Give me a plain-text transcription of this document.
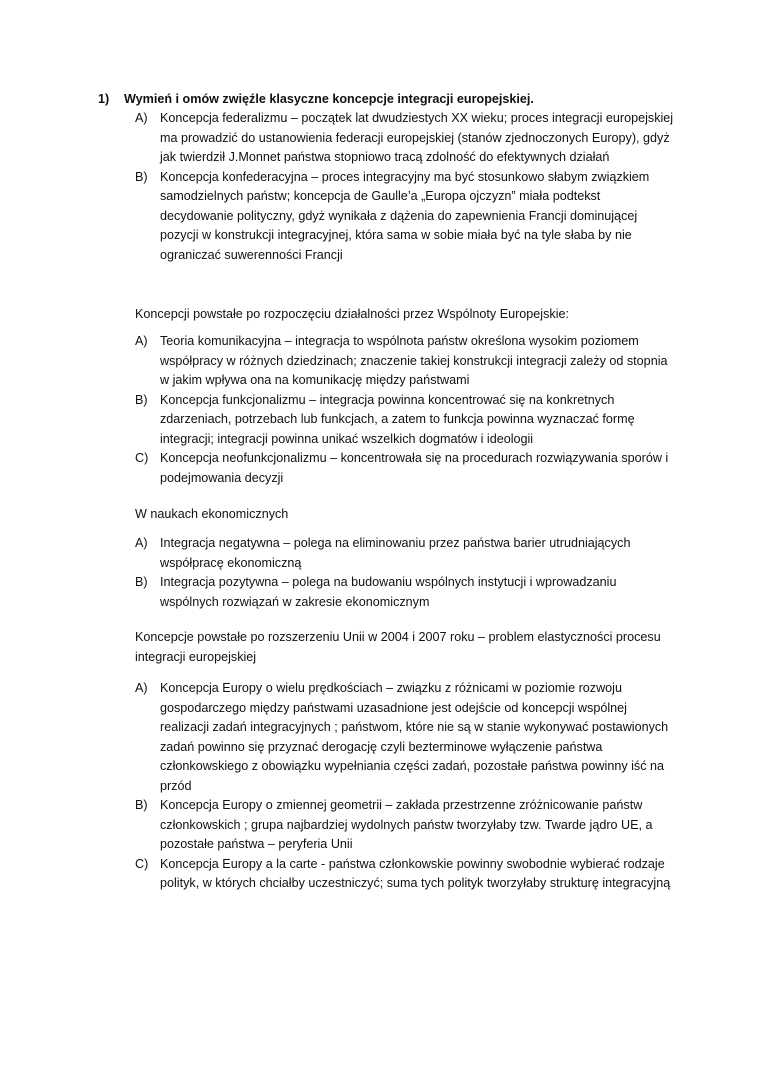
1) Wymień i omów zwięźle klasyczne koncepcje integracji europejskiej.
A) Koncepcja federalizmu – początek lat dwudziestych XX wieku; proces integracji europejskiej ma prowadzić do ustanowienia federacji europejskiej (stanów zjednoczonych Europy), gdyż jak twierdził J.Monnet państwa stopniowo tracą zdolność do efektywnych działań
B) Koncepcja konfederacyjna – proces integracyjny ma być stosunkowo słabym związkiem samodzielnych państw; koncepcja de Gaulle’a „Europa ojczyzn” miała podtekst decydowanie polityczny, gdyż wynikała z dążenia do zapewnienia Francji dominującej pozycji w konstrukcji integracyjnej, która sama w sobie miała być na tyle słaba by nie ograniczać suwerenności Francji

Koncepcji powstałe po rozpoczęciu działalności przez Wspólnoty Europejskie:

A) Teoria komunikacyjna – integracja to wspólnota państw określona wysokim poziomem współpracy w różnych dziedzinach; znaczenie takiej konstrukcji integracji zależy od stopnia w jakim wpływa ona na komunikację między państwami
B) Koncepcja funkcjonalizmu – integracja powinna koncentrować się na konkretnych zdarzeniach, potrzebach lub funkcjach, a zatem to funkcja powinna wyznaczać formę integracji; integracji powinna unikać wszelkich dogmatów i ideologii
C) Koncepcja neofunkcjonalizmu – koncentrowała się na procedurach rozwiązywania sporów i podejmowania decyzji

W naukach ekonomicznych

A) Integracja negatywna – polega na eliminowaniu przez państwa barier utrudniających współpracę ekonomiczną
B) Integracja pozytywna – polega na budowaniu wspólnych instytucji i wprowadzaniu wspólnych rozwiązań w zakresie ekonomicznym

Koncepcje powstałe po rozszerzeniu Unii w 2004 i 2007 roku – problem elastyczności procesu integracji europejskiej

A) Koncepcja Europy o wielu prędkościach – związku z różnicami w poziomie rozwoju gospodarczego między państwami uzasadnione jest odejście od koncepcji wspólnej realizacji zadań integracyjnych ; państwom, które nie są w stanie wykonywać postawionych zadań powinno się przyznać derogację czyli bezterminowe wyłączenie państwa członkowskiego z obowiązku wypełniania części zadań, pozostałe państwa powinny iść na przód
B) Koncepcja Europy o zmiennej geometrii – zakłada przestrzenne zróżnicowanie państw członkowskich ; grupa najbardziej wydolnych państw tworzyłaby tzw. Twarde jądro UE, a pozostałe państwa – peryferia Unii
C) Koncepcja Europy a la carte - państwa członkowskie powinny swobodnie wybierać rodzaje polityk, w których chciałby uczestniczyć; suma tych polityk tworzyłaby strukturę integracyjną
